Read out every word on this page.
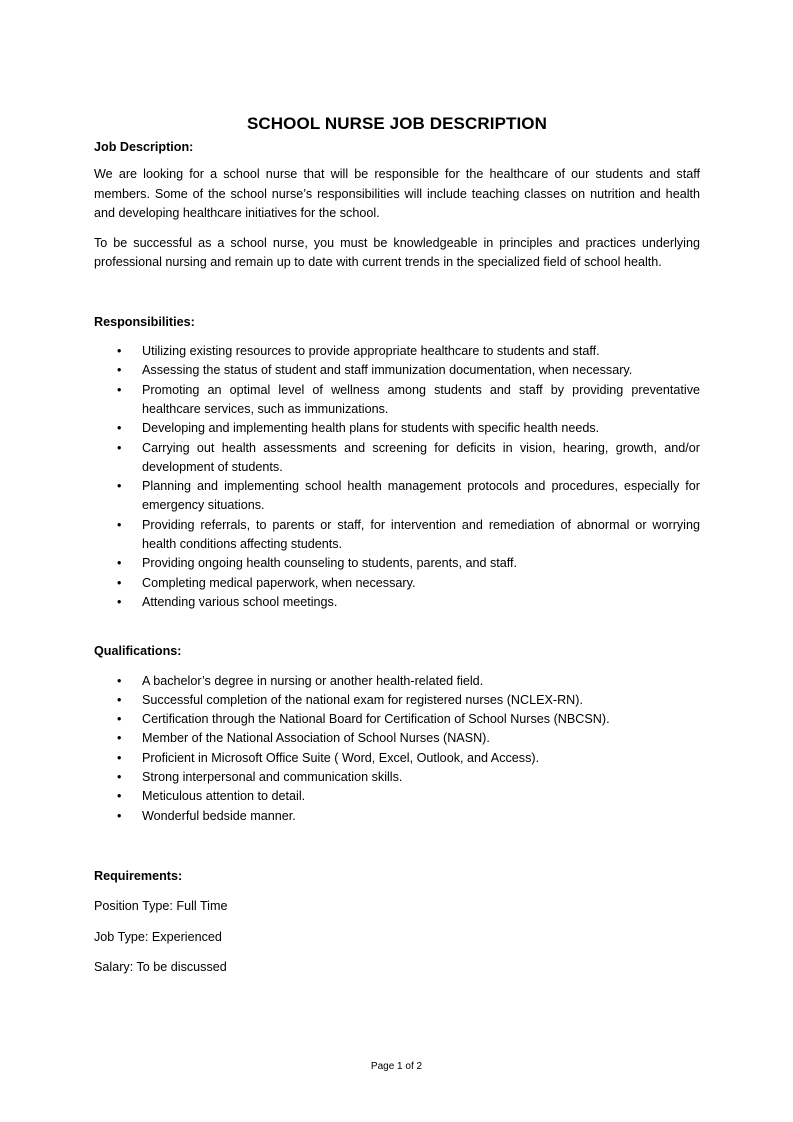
SCHOOL NURSE JOB DESCRIPTION

Job Description:

We are looking for a school nurse that will be responsible for the healthcare of our students and staff members. Some of the school nurse’s responsibilities will include teaching classes on nutrition and health and developing healthcare initiatives for the school.

To be successful as a school nurse, you must be knowledgeable in principles and practices underlying professional nursing and remain up to date with current trends in the specialized field of school health.

Responsibilities:

• Utilizing existing resources to provide appropriate healthcare to students and staff.
• Assessing the status of student and staff immunization documentation, when necessary.
• Promoting an optimal level of wellness among students and staff by providing preventative healthcare services, such as immunizations.
• Developing and implementing health plans for students with specific health needs.
• Carrying out health assessments and screening for deficits in vision, hearing, growth, and/or development of students.
• Planning and implementing school health management protocols and procedures, especially for emergency situations.
• Providing referrals, to parents or staff, for intervention and remediation of abnormal or worrying health conditions affecting students.
• Providing ongoing health counseling to students, parents, and staff.
• Completing medical paperwork, when necessary.
• Attending various school meetings.

Qualifications:

• A bachelor’s degree in nursing or another health-related field.
• Successful completion of the national exam for registered nurses (NCLEX-RN).
• Certification through the National Board for Certification of School Nurses (NBCSN).
• Member of the National Association of School Nurses (NASN).
• Proficient in Microsoft Office Suite ( Word, Excel, Outlook, and Access).
• Strong interpersonal and communication skills.
• Meticulous attention to detail.
• Wonderful bedside manner.

Requirements:

Position Type: Full Time

Job Type: Experienced

Salary: To be discussed

Page 1 of 2
